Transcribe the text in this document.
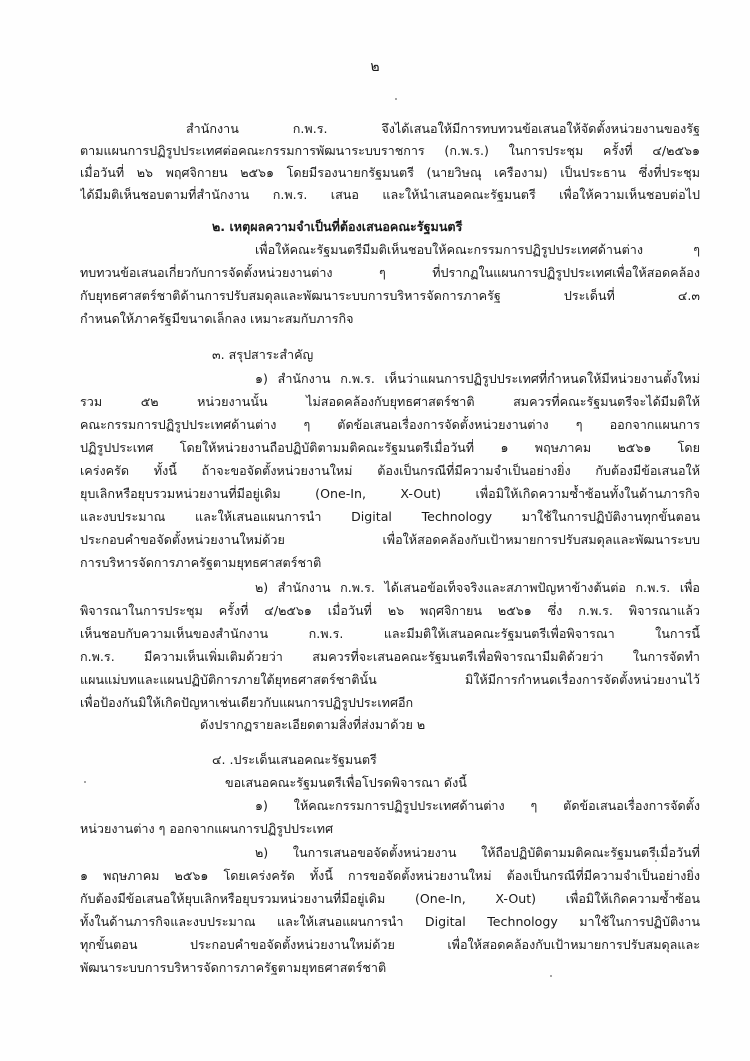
๒
สำนักงาน ก.พ.ร. จึงได้เสนอให้มีการทบทวนข้อเสนอให้จัดตั้งหน่วยงานของรัฐ
ตามแผนการปฏิรูปประเทศต่อคณะกรรมการพัฒนาระบบราชการ (ก.พ.ร.) ในการประชุม ครั้งที่ ๔/๒๕๖๑
เมื่อวันที่ ๒๖ พฤศจิกายน ๒๕๖๑ โดยมีรองนายกรัฐมนตรี (นายวิษณุ เครืองาม) เป็นประธาน ซึ่งที่ประชุม
ได้มีมติเห็นชอบตามที่สำนักงาน ก.พ.ร. เสนอ และให้นำเสนอคณะรัฐมนตรี เพื่อให้ความเห็นชอบต่อไป
๒. เหตุผลความจำเป็นที่ต้องเสนอคณะรัฐมนตรี
เพื่อให้คณะรัฐมนตรีมีมติเห็นชอบให้คณะกรรมการปฏิรูปประเทศด้านต่าง ๆ
ทบทวนข้อเสนอเกี่ยวกับการจัดตั้งหน่วยงานต่าง ๆ ที่ปรากฏในแผนการปฏิรูปประเทศเพื่อให้สอดคล้อง
กับยุทธศาสตร์ชาติด้านการปรับสมดุลและพัฒนาระบบการบริหารจัดการภาครัฐ ประเด็นที่ ๔.๓
กำหนดให้ภาครัฐมีขนาดเล็กลง เหมาะสมกับภารกิจ
๓. สรุปสาระสำคัญ
๑) สำนักงาน ก.พ.ร. เห็นว่าแผนการปฏิรูปประเทศที่กำหนดให้มีหน่วยงานตั้งใหม่
รวม ๕๒ หน่วยงานนั้น ไม่สอดคล้องกับยุทธศาสตร์ชาติ สมควรที่คณะรัฐมนตรีจะได้มีมติให้
คณะกรรมการปฏิรูปประเทศด้านต่าง ๆ ตัดข้อเสนอเรื่องการจัดตั้งหน่วยงานต่าง ๆ ออกจากแผนการ
ปฏิรูปประเทศ โดยให้หน่วยงานถือปฏิบัติตามมติคณะรัฐมนตรีเมื่อวันที่ ๑ พฤษภาคม ๒๕๖๑ โดย
เคร่งครัด ทั้งนี้ ถ้าจะขอจัดตั้งหน่วยงานใหม่ ต้องเป็นกรณีที่มีความจำเป็นอย่างยิ่ง กับต้องมีข้อเสนอให้
ยุบเลิกหรือยุบรวมหน่วยงานที่มีอยู่เดิม (One-In, X-Out) เพื่อมิให้เกิดความซ้ำซ้อนทั้งในด้านภารกิจ
และงบประมาณ และให้เสนอแผนการนำ Digital Technology มาใช้ในการปฏิบัติงานทุกขั้นตอน
ประกอบคำขอจัดตั้งหน่วยงานใหม่ด้วย เพื่อให้สอดคล้องกับเป้าหมายการปรับสมดุลและพัฒนาระบบ
การบริหารจัดการภาครัฐตามยุทธศาสตร์ชาติ
๒) สำนักงาน ก.พ.ร. ได้เสนอข้อเท็จจริงและสภาพปัญหาข้างต้นต่อ ก.พ.ร. เพื่อ
พิจารณาในการประชุม ครั้งที่ ๔/๒๕๖๑ เมื่อวันที่ ๒๖ พฤศจิกายน ๒๕๖๑ ซึ่ง ก.พ.ร. พิจารณาแล้ว
เห็นชอบกับความเห็นของสำนักงาน ก.พ.ร. และมีมติให้เสนอคณะรัฐมนตรีเพื่อพิจารณา ในการนี้
ก.พ.ร. มีความเห็นเพิ่มเติมด้วยว่า สมควรที่จะเสนอคณะรัฐมนตรีเพื่อพิจารณามีมติด้วยว่า ในการจัดทำ
แผนแม่บทและแผนปฏิบัติการภายใต้ยุทธศาสตร์ชาตินั้น มิให้มีการกำหนดเรื่องการจัดตั้งหน่วยงานไว้
เพื่อป้องกันมิให้เกิดปัญหาเช่นเดียวกับแผนการปฏิรูปประเทศอีก
ดังปรากฏรายละเอียดตามสิ่งที่ส่งมาด้วย ๒
๔. .ประเด็นเสนอคณะรัฐมนตรี
ขอเสนอคณะรัฐมนตรีเพื่อโปรดพิจารณา ดังนี้
๑) ให้คณะกรรมการปฏิรูปประเทศด้านต่าง ๆ ตัดข้อเสนอเรื่องการจัดตั้ง
หน่วยงานต่าง ๆ ออกจากแผนการปฏิรูปประเทศ
๒) ในการเสนอขอจัดตั้งหน่วยงาน ให้ถือปฏิบัติตามมติคณะรัฐมนตรีเมื่อวันที่
๑ พฤษภาคม ๒๕๖๑ โดยเคร่งครัด ทั้งนี้ การขอจัดตั้งหน่วยงานใหม่ ต้องเป็นกรณีที่มีความจำเป็นอย่างยิ่ง
กับต้องมีข้อเสนอให้ยุบเลิกหรือยุบรวมหน่วยงานที่มีอยู่เดิม (One-In, X-Out) เพื่อมิให้เกิดความซ้ำซ้อน
ทั้งในด้านภารกิจและงบประมาณ และให้เสนอแผนการนำ Digital Technology มาใช้ในการปฏิบัติงาน
ทุกขั้นตอน ประกอบคำขอจัดตั้งหน่วยงานใหม่ด้วย เพื่อให้สอดคล้องกับเป้าหมายการปรับสมดุลและ
พัฒนาระบบการบริหารจัดการภาครัฐตามยุทธศาสตร์ชาติ
